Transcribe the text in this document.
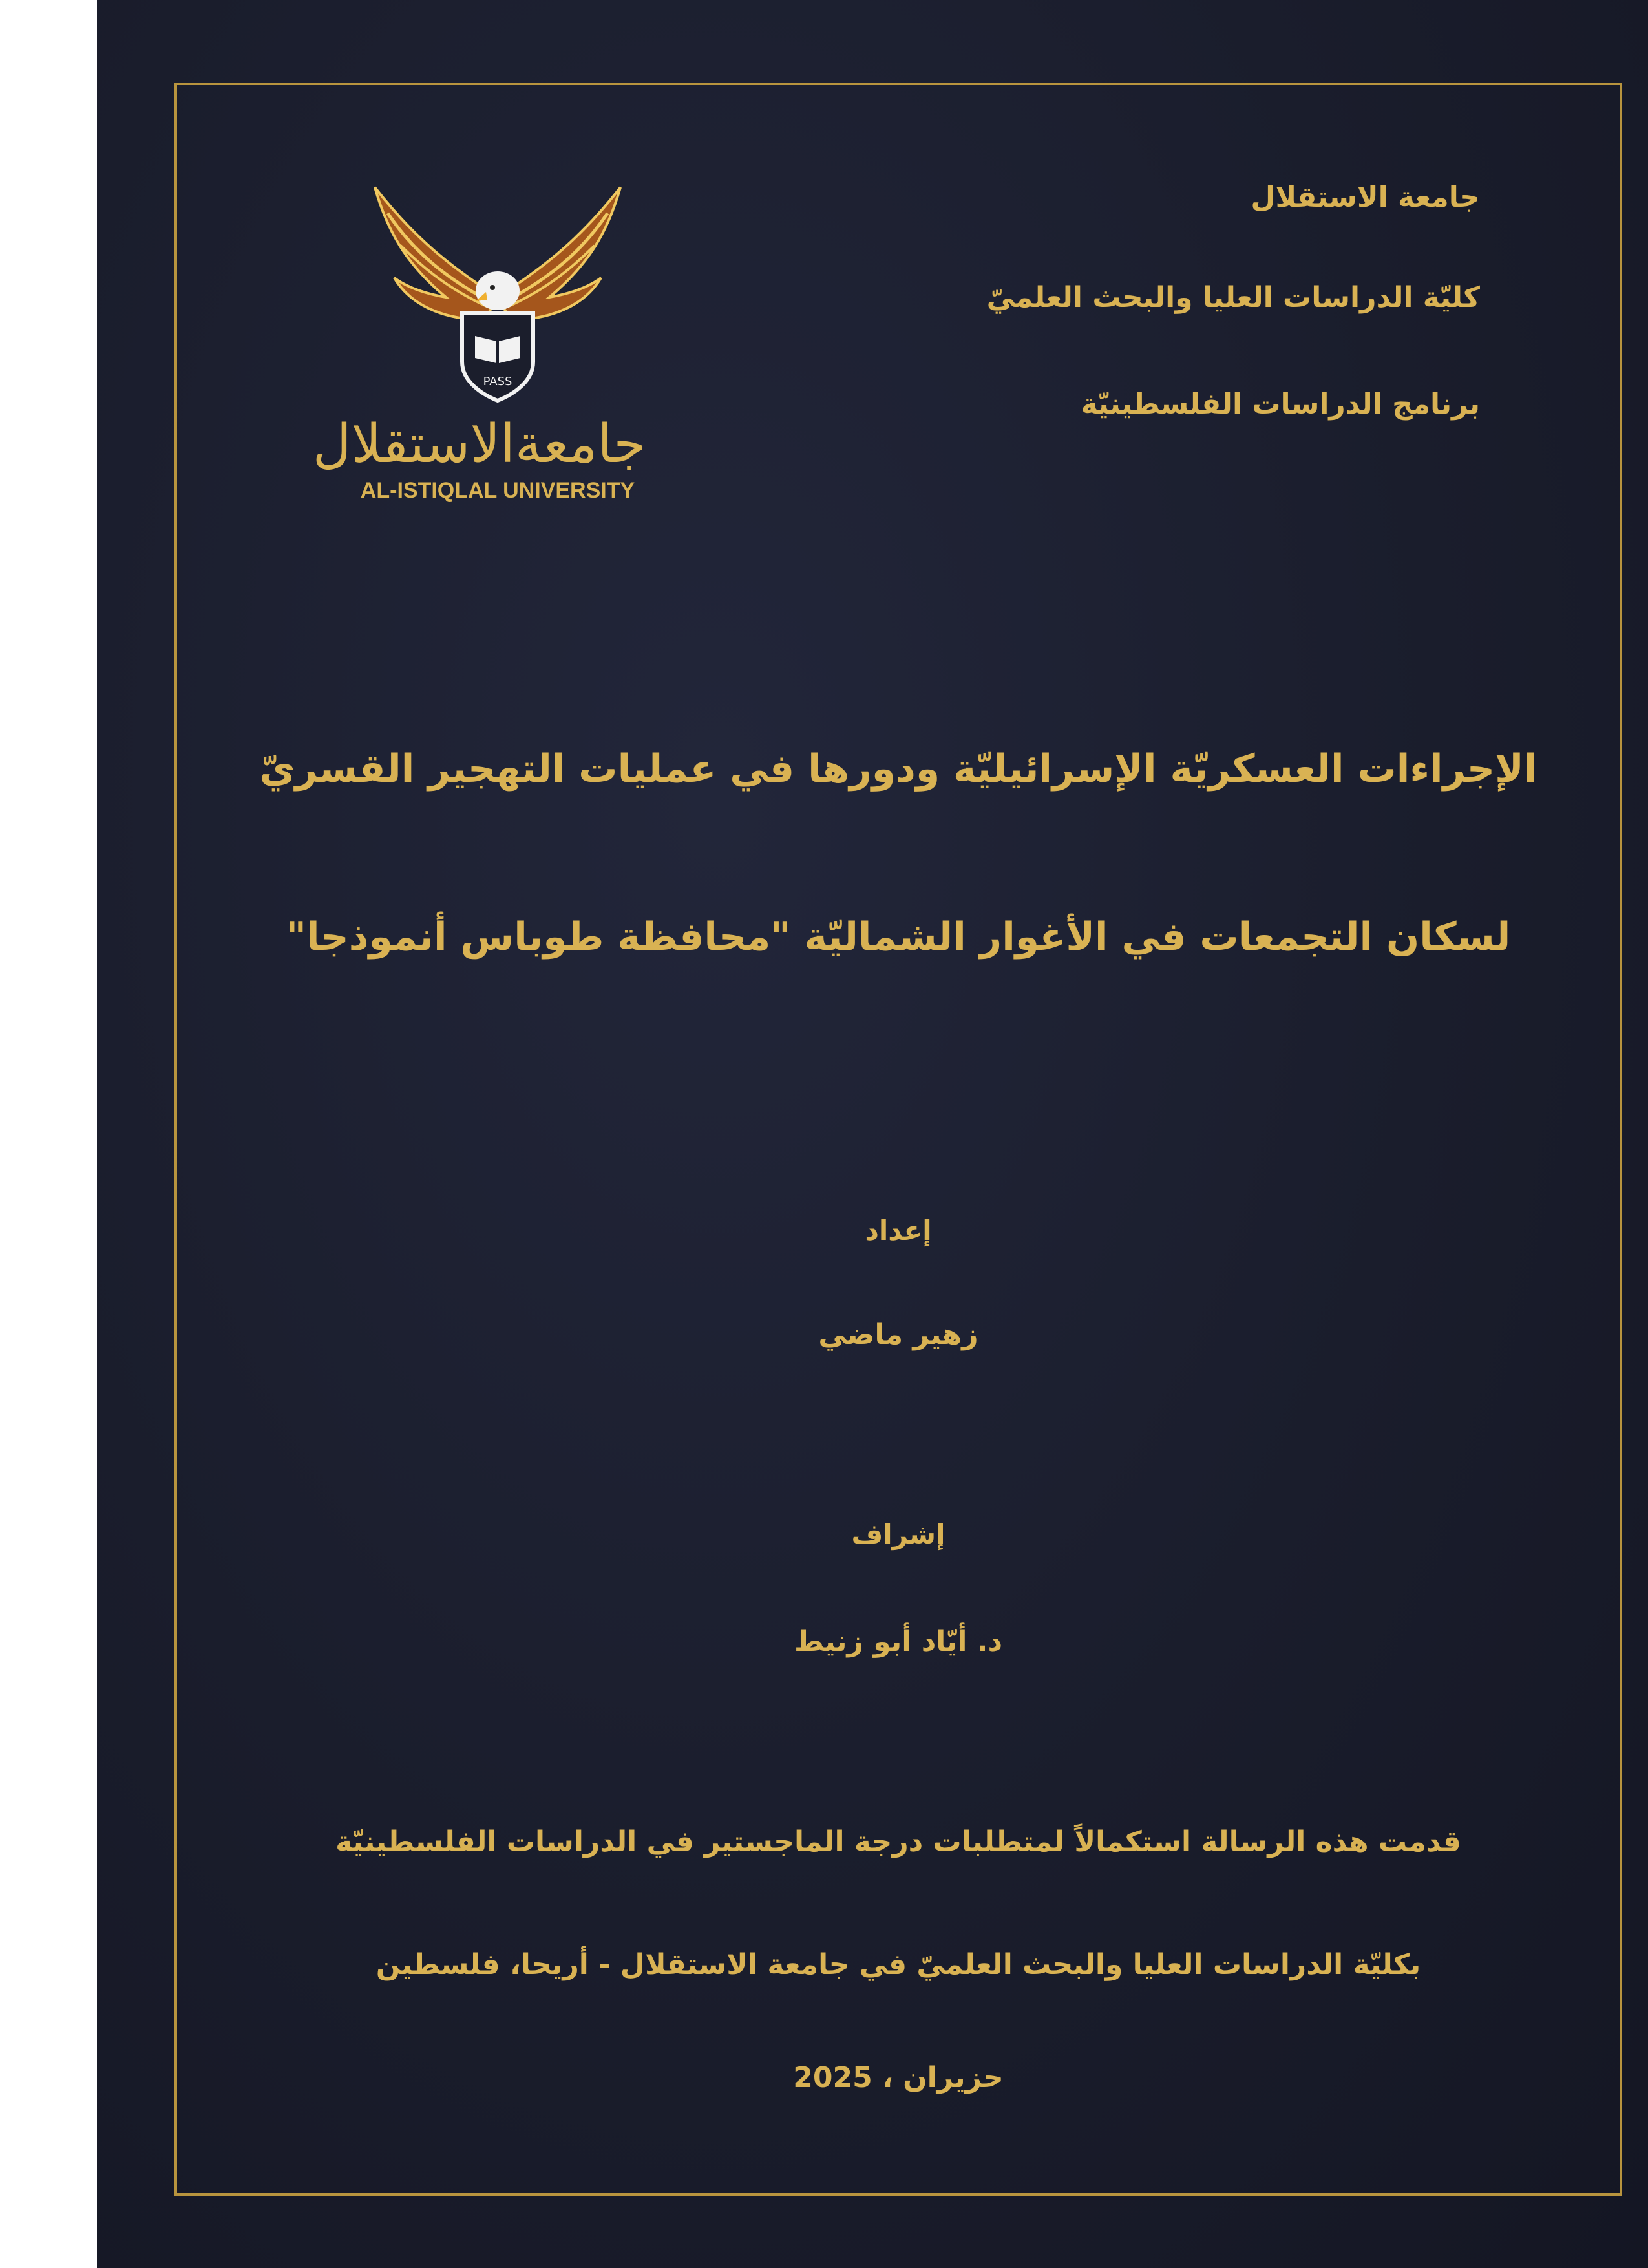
PASS
جامعةالاستقلال
AL-ISTIQLAL UNIVERSITY
جامعة الاستقلال
كليّة الدراسات العليا والبحث العلميّ
برنامج الدراسات الفلسطينيّة
الإجراءات العسكريّة الإسرائيليّة ودورها في عمليات التهجير القسريّ
لسكان التجمعات في الأغوار الشماليّة "محافظة طوباس أنموذجا"
إعداد
زهير ماضي
إشراف
د. أيّاد أبو زنيط
قدمت هذه الرسالة استكمالاً لمتطلبات درجة الماجستير في الدراسات الفلسطينيّة
بكليّة الدراسات العليا والبحث العلميّ في جامعة الاستقلال - أريحا، فلسطين
حزيران ، 2025
